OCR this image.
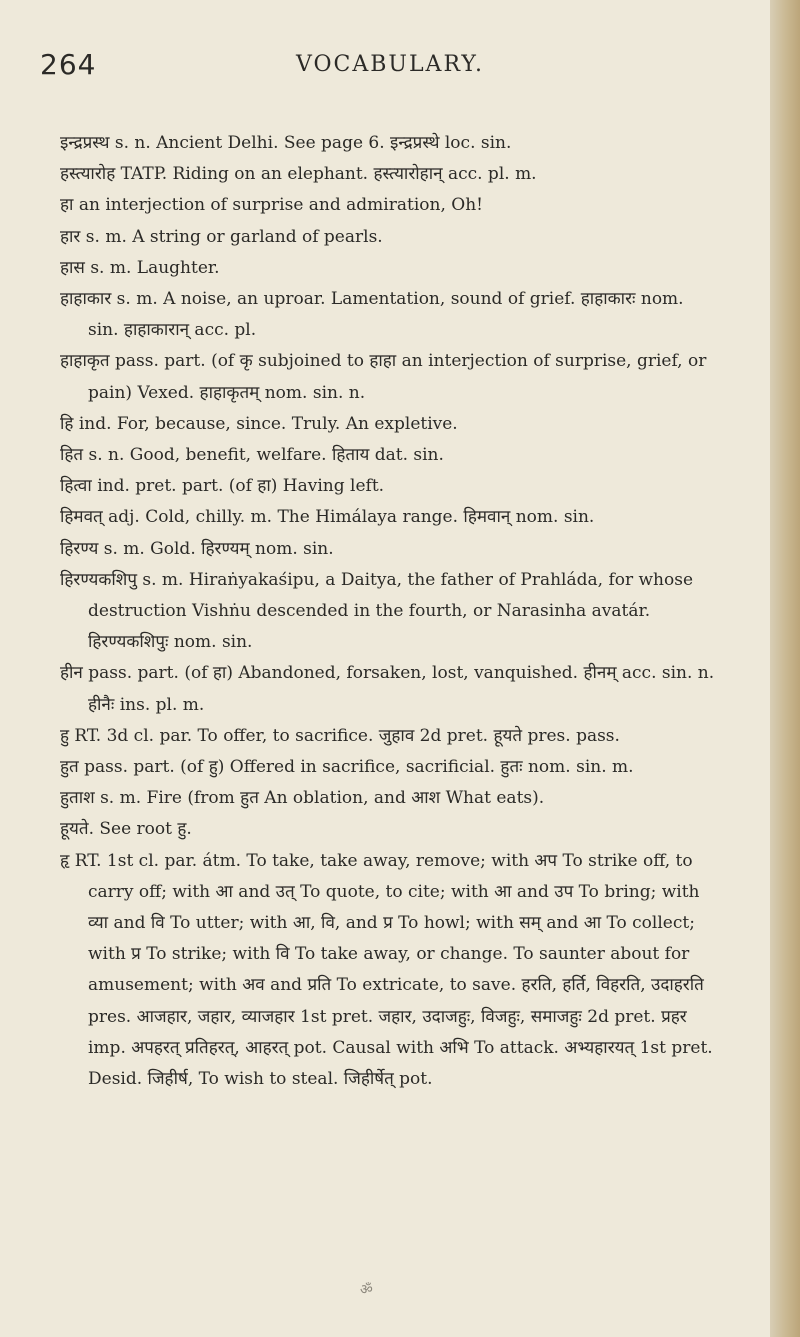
264	VOCABULARY.

इन्द्रप्रस्थ s. n. Ancient Delhi. See page 6. इन्द्रप्रस्थे loc. sin.

हस्त्यारोह TATP. Riding on an elephant. हस्त्यारोहान् acc. pl. m.

हा an interjection of surprise and admiration, Oh!

हार s. m. A string or garland of pearls.

हास s. m. Laughter.

हाहाकार s. m. A noise, an uproar. Lamentation, sound of grief. हाहाकारः nom. sin. हाहाकारान् acc. pl.

हाहाकृत pass. part. (of कृ subjoined to हाहा an interjection of surprise, grief, or pain) Vexed. हाहाकृतम् nom. sin. n.

हि ind. For, because, since. Truly. An expletive.

हित s. n. Good, benefit, welfare. हिताय dat. sin.

हित्वा ind. pret. part. (of हा) Having left.

हिमवत् adj. Cold, chilly. m. The Himálaya range. हिमवान् nom. sin.

हिरण्य s. m. Gold. हिरण्यम् nom. sin.

हिरण्यकशिपु s. m. Hiraṅyakaśipu, a Daitya, the father of Prahláda, for whose destruction Vishṅu descended in the fourth, or Narasinha avatár.

हिरण्यकशिपुः nom. sin.

हीन pass. part. (of हा) Abandoned, forsaken, lost, vanquished. हीनम् acc. sin. n. हीनैः ins. pl. m.

हु RT. 3d cl. par. To offer, to sacrifice. जुहाव 2d pret. हूयते pres. pass.

हुत pass. part. (of हु) Offered in sacrifice, sacrificial. हुतः nom. sin. m.

हुताश s. m. Fire (from हुत An oblation, and आश What eats).

हूयते. See root हु.

हृ RT. 1st cl. par. átm. To take, take away, remove; with अप To strike off, to carry off; with आ and उत् To quote, to cite; with आ and उप To bring; with व्या and वि To utter; with आ, वि, and प्र To howl; with सम् and आ To collect; with प्र To strike; with वि To take away, or change. To saunter about for amusement; with अव and प्रति To extricate, to save. हरति, हर्ति, विहरति, उदाहरति pres. आजहार, जहार, व्याजहार 1st pret. जहार, उदाजहुः, विजहुः, समाजहुः 2d pret. प्रहर imp. अपहरत् प्रतिहरत्, आहरत् pot. Causal with अभि To attack. अभ्यहारयत् 1st pret. Desid. जिहीर्ष, To wish to steal. जिहीर्षेत् pot.

ॐ
